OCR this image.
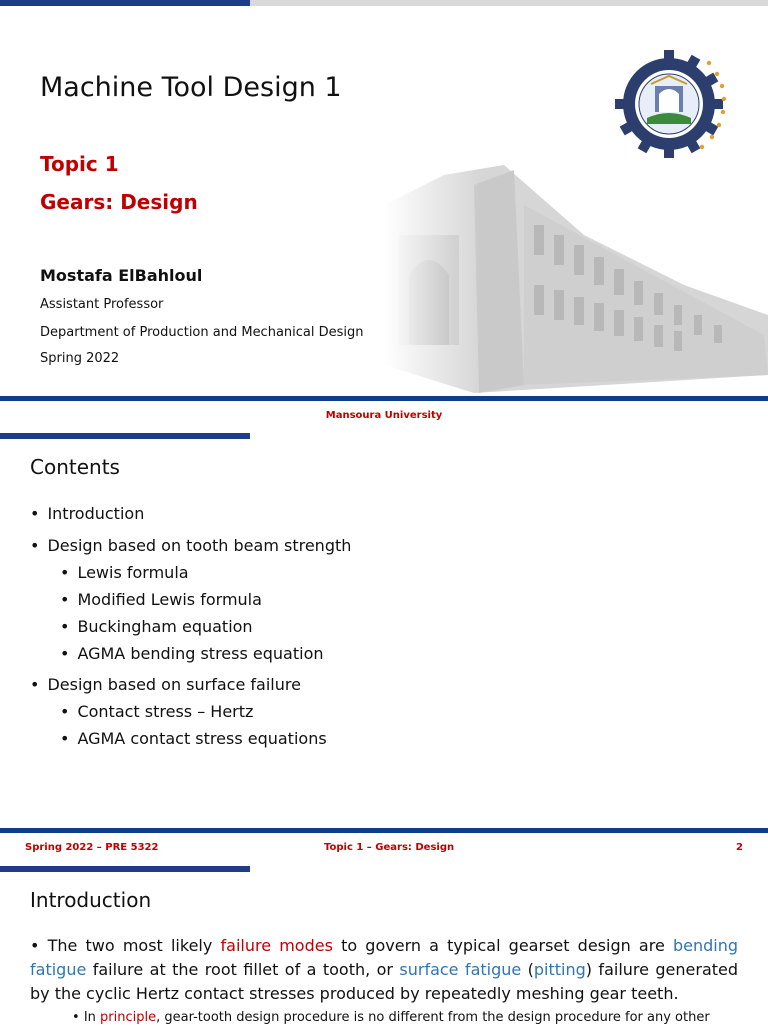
Machine Tool Design 1
Topic 1
Gears: Design
Mostafa ElBahloul
Assistant Professor
Department of Production and Mechanical Design
Spring 2022
Mansoura University
Contents
• Introduction
• Design based on tooth beam strength
• Lewis formula
• Modified Lewis formula
• Buckingham equation
• AGMA bending stress equation
• Design based on surface failure
• Contact stress – Hertz
• AGMA contact stress equations
Spring 2022 – PRE 5322	Topic 1 – Gears: Design	2
Introduction
• The two most likely failure modes to govern a typical gearset design are bending fatigue failure at the root fillet of a tooth, or surface fatigue (pitting) failure generated by the cyclic Hertz contact stresses produced by repeatedly meshing gear teeth.
• In principle, gear-tooth design procedure is no different from the design procedure for any other
